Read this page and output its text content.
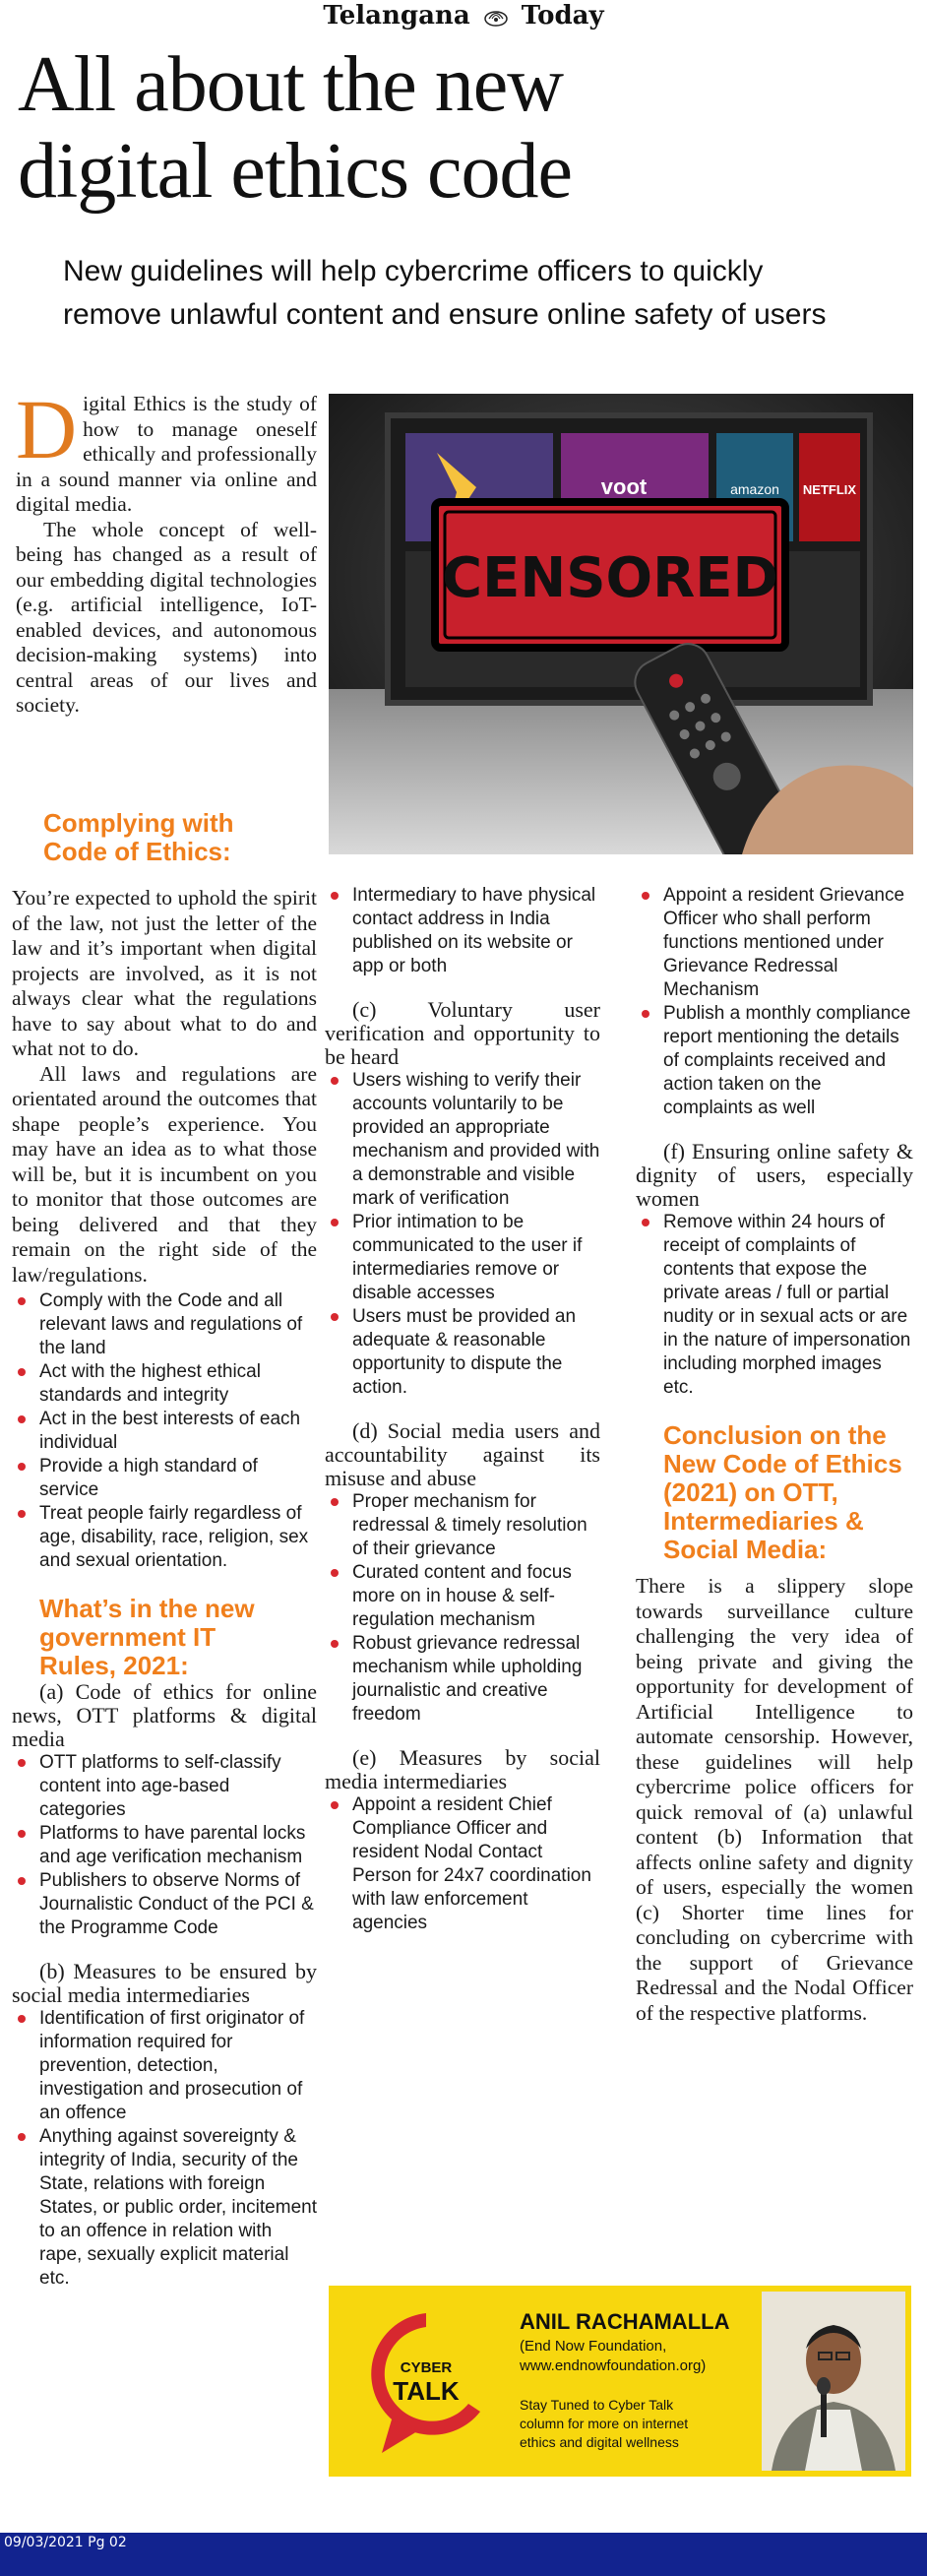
Telangana Today
All about the new
digital ethics code
New guidelines will help cybercrime officers to quickly
remove unlawful content and ensure online safety of users
voot	amazon NETFLIX
CENSORED

Digital Ethics is the study of how to manage oneself ethically and professionally in a sound manner via online and digital media.

The whole concept of well-being has changed as a result of our embedding digital technologies (e.g. artificial intelligence, IoT-enabled devices, and autonomous decision-making systems) into central areas of our lives and society.

Complying with

Code of Ethics:

You’re expected to uphold the spirit of the law, not just the letter of the law and it’s important when digital projects are involved, as it is not always clear what the regulations have to say about what to do and what not to do.

All laws and regulations are orientated around the outcomes that shape people’s experience. You may have an idea as to what those will be, but it is incumbent on you to monitor that those outcomes are being delivered and that they remain on the right side of the law/regulations.

Comply with the Code and all relevant laws and regulations of the land
Act with the highest ethical standards and integrity
Act in the best interests of each individual
Provide a high standard of service
Treat people fairly regardless of age, disability, race, religion, sex and sexual orientation.

What’s in the new

government IT

Rules, 2021:

(a) Code of ethics for online news, OTT platforms & digital media

OTT platforms to self-classify content into age-based categories
Platforms to have parental locks and age verification mechanism
Publishers to observe Norms of Journalistic Conduct of the PCI & the Programme Code

(b) Measures to be ensured by social media intermediaries

Identification of first originator of information required for prevention, detection, investigation and prosecution of an offence
Anything against sovereignty & integrity of India, security of the State, relations with foreign States, or public order, incitement to an offence in relation with rape, sexually explicit material etc.
Intermediary to have physical contact address in India published on its website or app or both

(c) Voluntary user verification and opportunity to be heard

Users wishing to verify their accounts voluntarily to be provided an appropriate mechanism and provided with a demonstrable and visible mark of verification
Prior intimation to be communicated to the user if intermediaries remove or disable accesses
Users must be provided an adequate & reasonable opportunity to dispute the action.

(d) Social media users and accountability against its misuse and abuse

Proper mechanism for redressal & timely resolution of their grievance
Curated content and focus more on in house & self-regulation mechanism
Robust grievance redressal mechanism while upholding journalistic and creative freedom

(e) Measures by social media intermediaries

Appoint a resident Chief Compliance Officer and resident Nodal Contact Person for 24x7 coordination with law enforcement agencies
Appoint a resident Grievance Officer who shall perform functions mentioned under Grievance Redressal Mechanism
Publish a monthly compliance report mentioning the details of complaints received and action taken on the complaints as well

(f) Ensuring online safety & dignity of users, especially women

Remove within 24 hours of receipt of complaints of contents that expose the private areas / full or partial nudity or in sexual acts or are in the nature of impersonation including morphed images etc.

Conclusion on the

New Code of Ethics

(2021) on OTT,

Intermediaries &

Social Media:

There is a slippery slope towards surveillance culture challenging the very idea of being private and giving the opportunity for development of Artificial Intelligence to automate censorship. However, these guidelines will help cybercrime police officers for quick removal of (a) unlawful content (b) Information that affects online safety and dignity of users, especially the women (c) Shorter time lines for concluding on cybercrime with the support of Grievance Redressal and the Nodal Officer of the respective platforms.

CYBER
TALK
ANIL RACHAMALLA
(End Now Foundation,
www.endnowfoundation.org)
Stay Tuned to Cyber Talk
column for more on internet
ethics and digital wellness
09/03/2021 Pg 02
